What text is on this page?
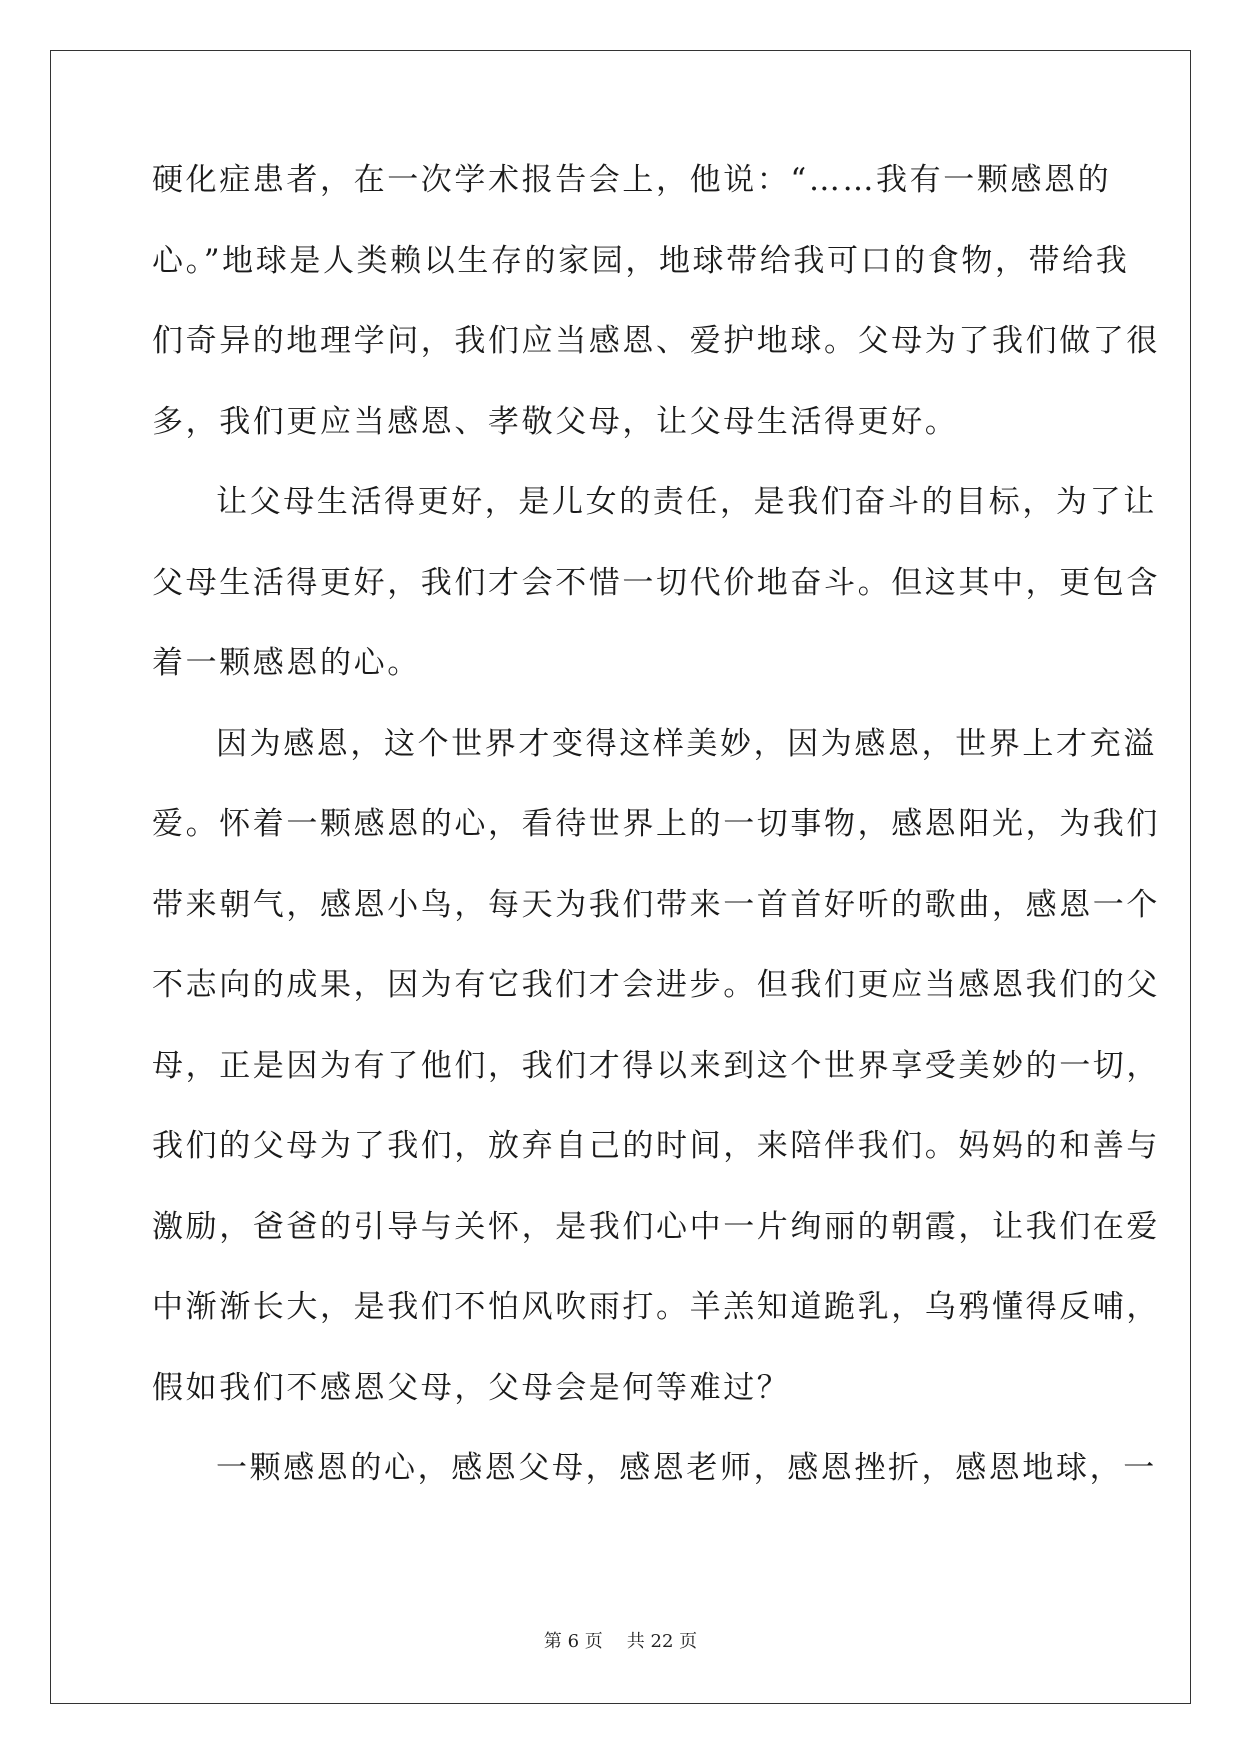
硬化症患者，在一次学术报告会上，他说：“……我有一颗感恩的
心。”地球是人类赖以生存的家园，地球带给我可口的食物，带给我
们奇异的地理学问，我们应当感恩、爱护地球。父母为了我们做了很
多，我们更应当感恩、孝敬父母，让父母生活得更好。
让父母生活得更好，是儿女的责任，是我们奋斗的目标，为了让
父母生活得更好，我们才会不惜一切代价地奋斗。但这其中，更包含
着一颗感恩的心。
因为感恩，这个世界才变得这样美妙，因为感恩，世界上才充溢
爱。怀着一颗感恩的心，看待世界上的一切事物，感恩阳光，为我们
带来朝气，感恩小鸟，每天为我们带来一首首好听的歌曲，感恩一个
不志向的成果，因为有它我们才会进步。但我们更应当感恩我们的父
母，正是因为有了他们，我们才得以来到这个世界享受美妙的一切，
我们的父母为了我们，放弃自己的时间，来陪伴我们。妈妈的和善与
激励，爸爸的引导与关怀，是我们心中一片绚丽的朝霞，让我们在爱
中渐渐长大，是我们不怕风吹雨打。羊羔知道跪乳，乌鸦懂得反哺，
假如我们不感恩父母，父母会是何等难过？
一颗感恩的心，感恩父母，感恩老师，感恩挫折，感恩地球，一
第 6 页 共 22 页
